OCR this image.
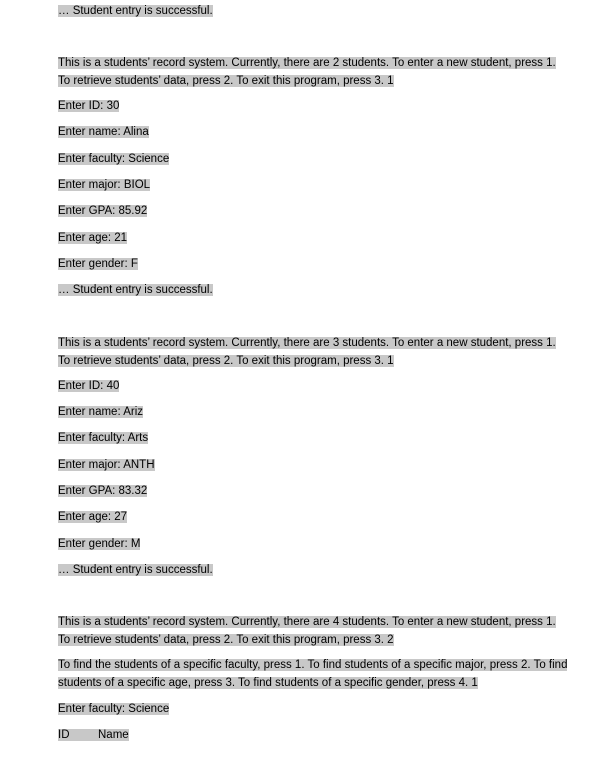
… Student entry is successful.
This is a students’ record system. Currently, there are 2 students. To enter a new student, press 1. To retrieve students’ data, press 2. To exit this program, press 3. 1
Enter ID: 30
Enter name: Alina
Enter faculty: Science
Enter major: BIOL
Enter GPA: 85.92
Enter age: 21
Enter gender: F
… Student entry is successful.
This is a students’ record system. Currently, there are 3 students. To enter a new student, press 1. To retrieve students’ data, press 2. To exit this program, press 3. 1
Enter ID: 40
Enter name: Ariz
Enter faculty: Arts
Enter major: ANTH
Enter GPA: 83.32
Enter age: 27
Enter gender: M
… Student entry is successful.
This is a students’ record system. Currently, there are 4 students. To enter a new student, press 1. To retrieve students’ data, press 2. To exit this program, press 3. 2
To find the students of a specific faculty, press 1. To find students of a specific major, press 2. To find students of a specific age, press 3. To find students of a specific gender, press 4. 1
Enter faculty: Science
ID Name
